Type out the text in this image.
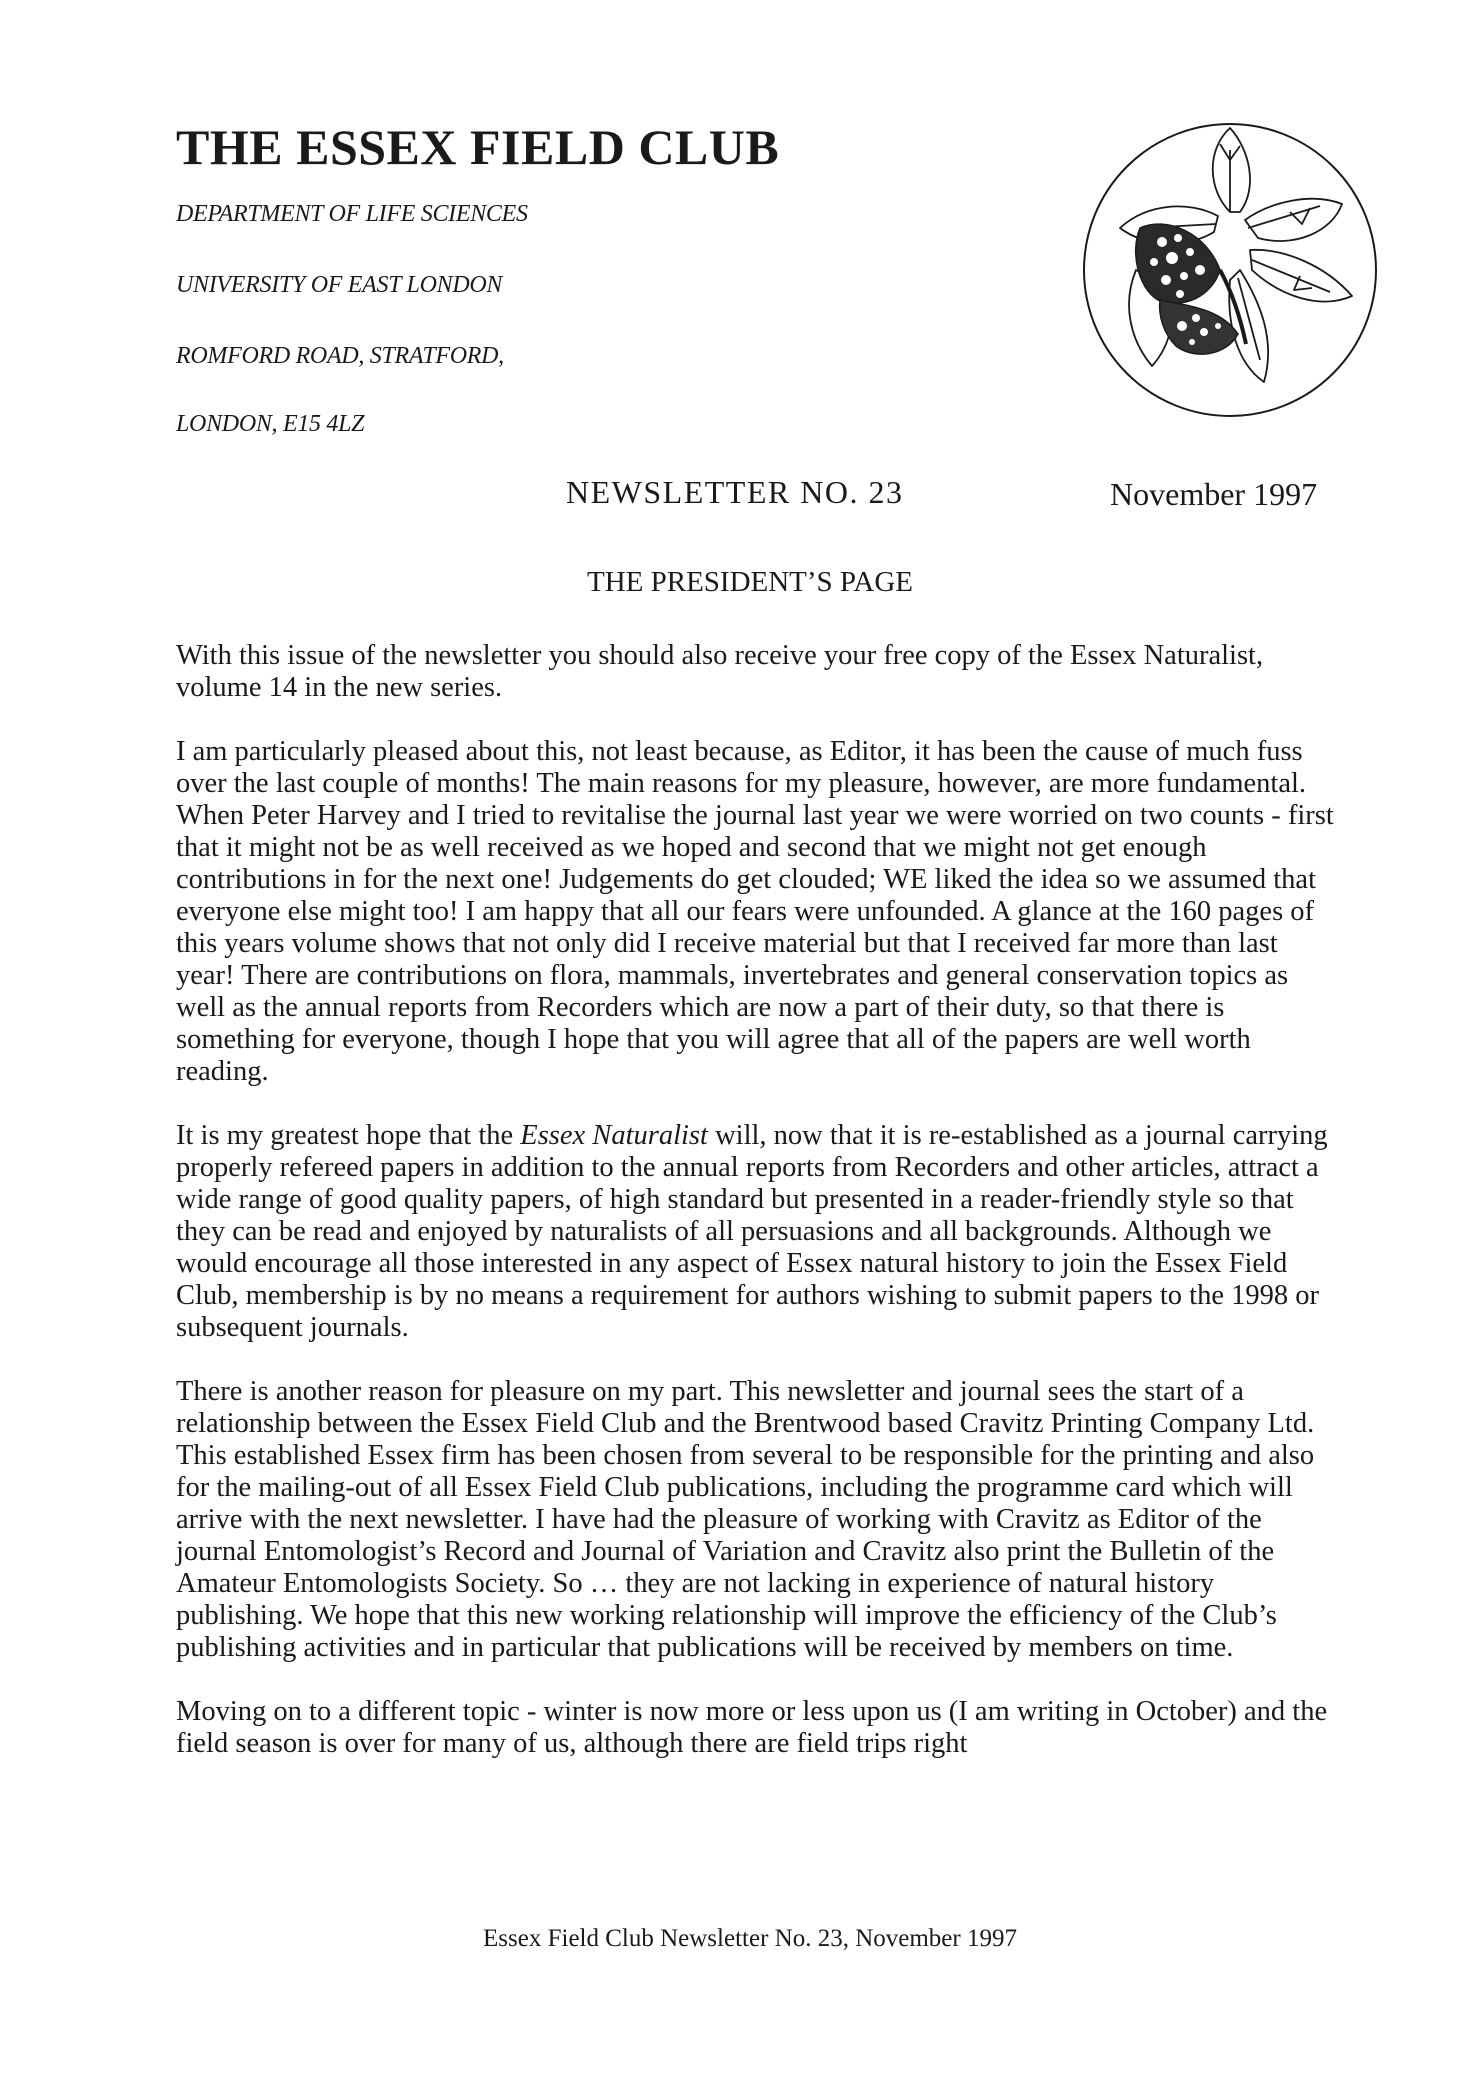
THE ESSEX FIELD CLUB
DEPARTMENT OF LIFE SCIENCES
UNIVERSITY OF EAST LONDON
ROMFORD ROAD, STRATFORD,
LONDON, E15 4LZ
NEWSLETTER NO. 23	November 1997
THE PRESIDENT’S PAGE

With this issue of the newsletter you should also receive your free copy of the Essex Naturalist, volume 14 in the new series.

I am particularly pleased about this, not least because, as Editor, it has been the cause of much fuss over the last couple of months! The main reasons for my pleasure, however, are more fundamental. When Peter Harvey and I tried to revitalise the journal last year we were worried on two counts - first that it might not be as well received as we hoped and second that we might not get enough contributions in for the next one! Judgements do get clouded; WE liked the idea so we assumed that everyone else might too! I am happy that all our fears were unfounded. A glance at the 160 pages of this years volume shows that not only did I receive material but that I received far more than last year! There are contributions on flora, mammals, invertebrates and general conservation topics as well as the annual reports from Recorders which are now a part of their duty, so that there is something for everyone, though I hope that you will agree that all of the papers are well worth reading.

It is my greatest hope that the Essex Naturalist will, now that it is re-established as a journal carrying properly refereed papers in addition to the annual reports from Recorders and other articles, attract a wide range of good quality papers, of high standard but presented in a reader-friendly style so that they can be read and enjoyed by naturalists of all persuasions and all backgrounds. Although we would encourage all those interested in any aspect of Essex natural history to join the Essex Field Club, membership is by no means a requirement for authors wishing to submit papers to the 1998 or subsequent journals.

There is another reason for pleasure on my part. This newsletter and journal sees the start of a relationship between the Essex Field Club and the Brentwood based Cravitz Printing Company Ltd. This established Essex firm has been chosen from several to be responsible for the printing and also for the mailing-out of all Essex Field Club publications, including the programme card which will arrive with the next newsletter. I have had the pleasure of working with Cravitz as Editor of the journal Entomologist’s Record and Journal of Variation and Cravitz also print the Bulletin of the Amateur Entomologists Society. So … they are not lacking in experience of natural history publishing. We hope that this new working relationship will improve the efficiency of the Club’s publishing activities and in particular that publications will be received by members on time.

Moving on to a different topic - winter is now more or less upon us (I am writing in October) and the field season is over for many of us, although there are field trips right

Essex Field Club Newsletter No. 23, November 1997
